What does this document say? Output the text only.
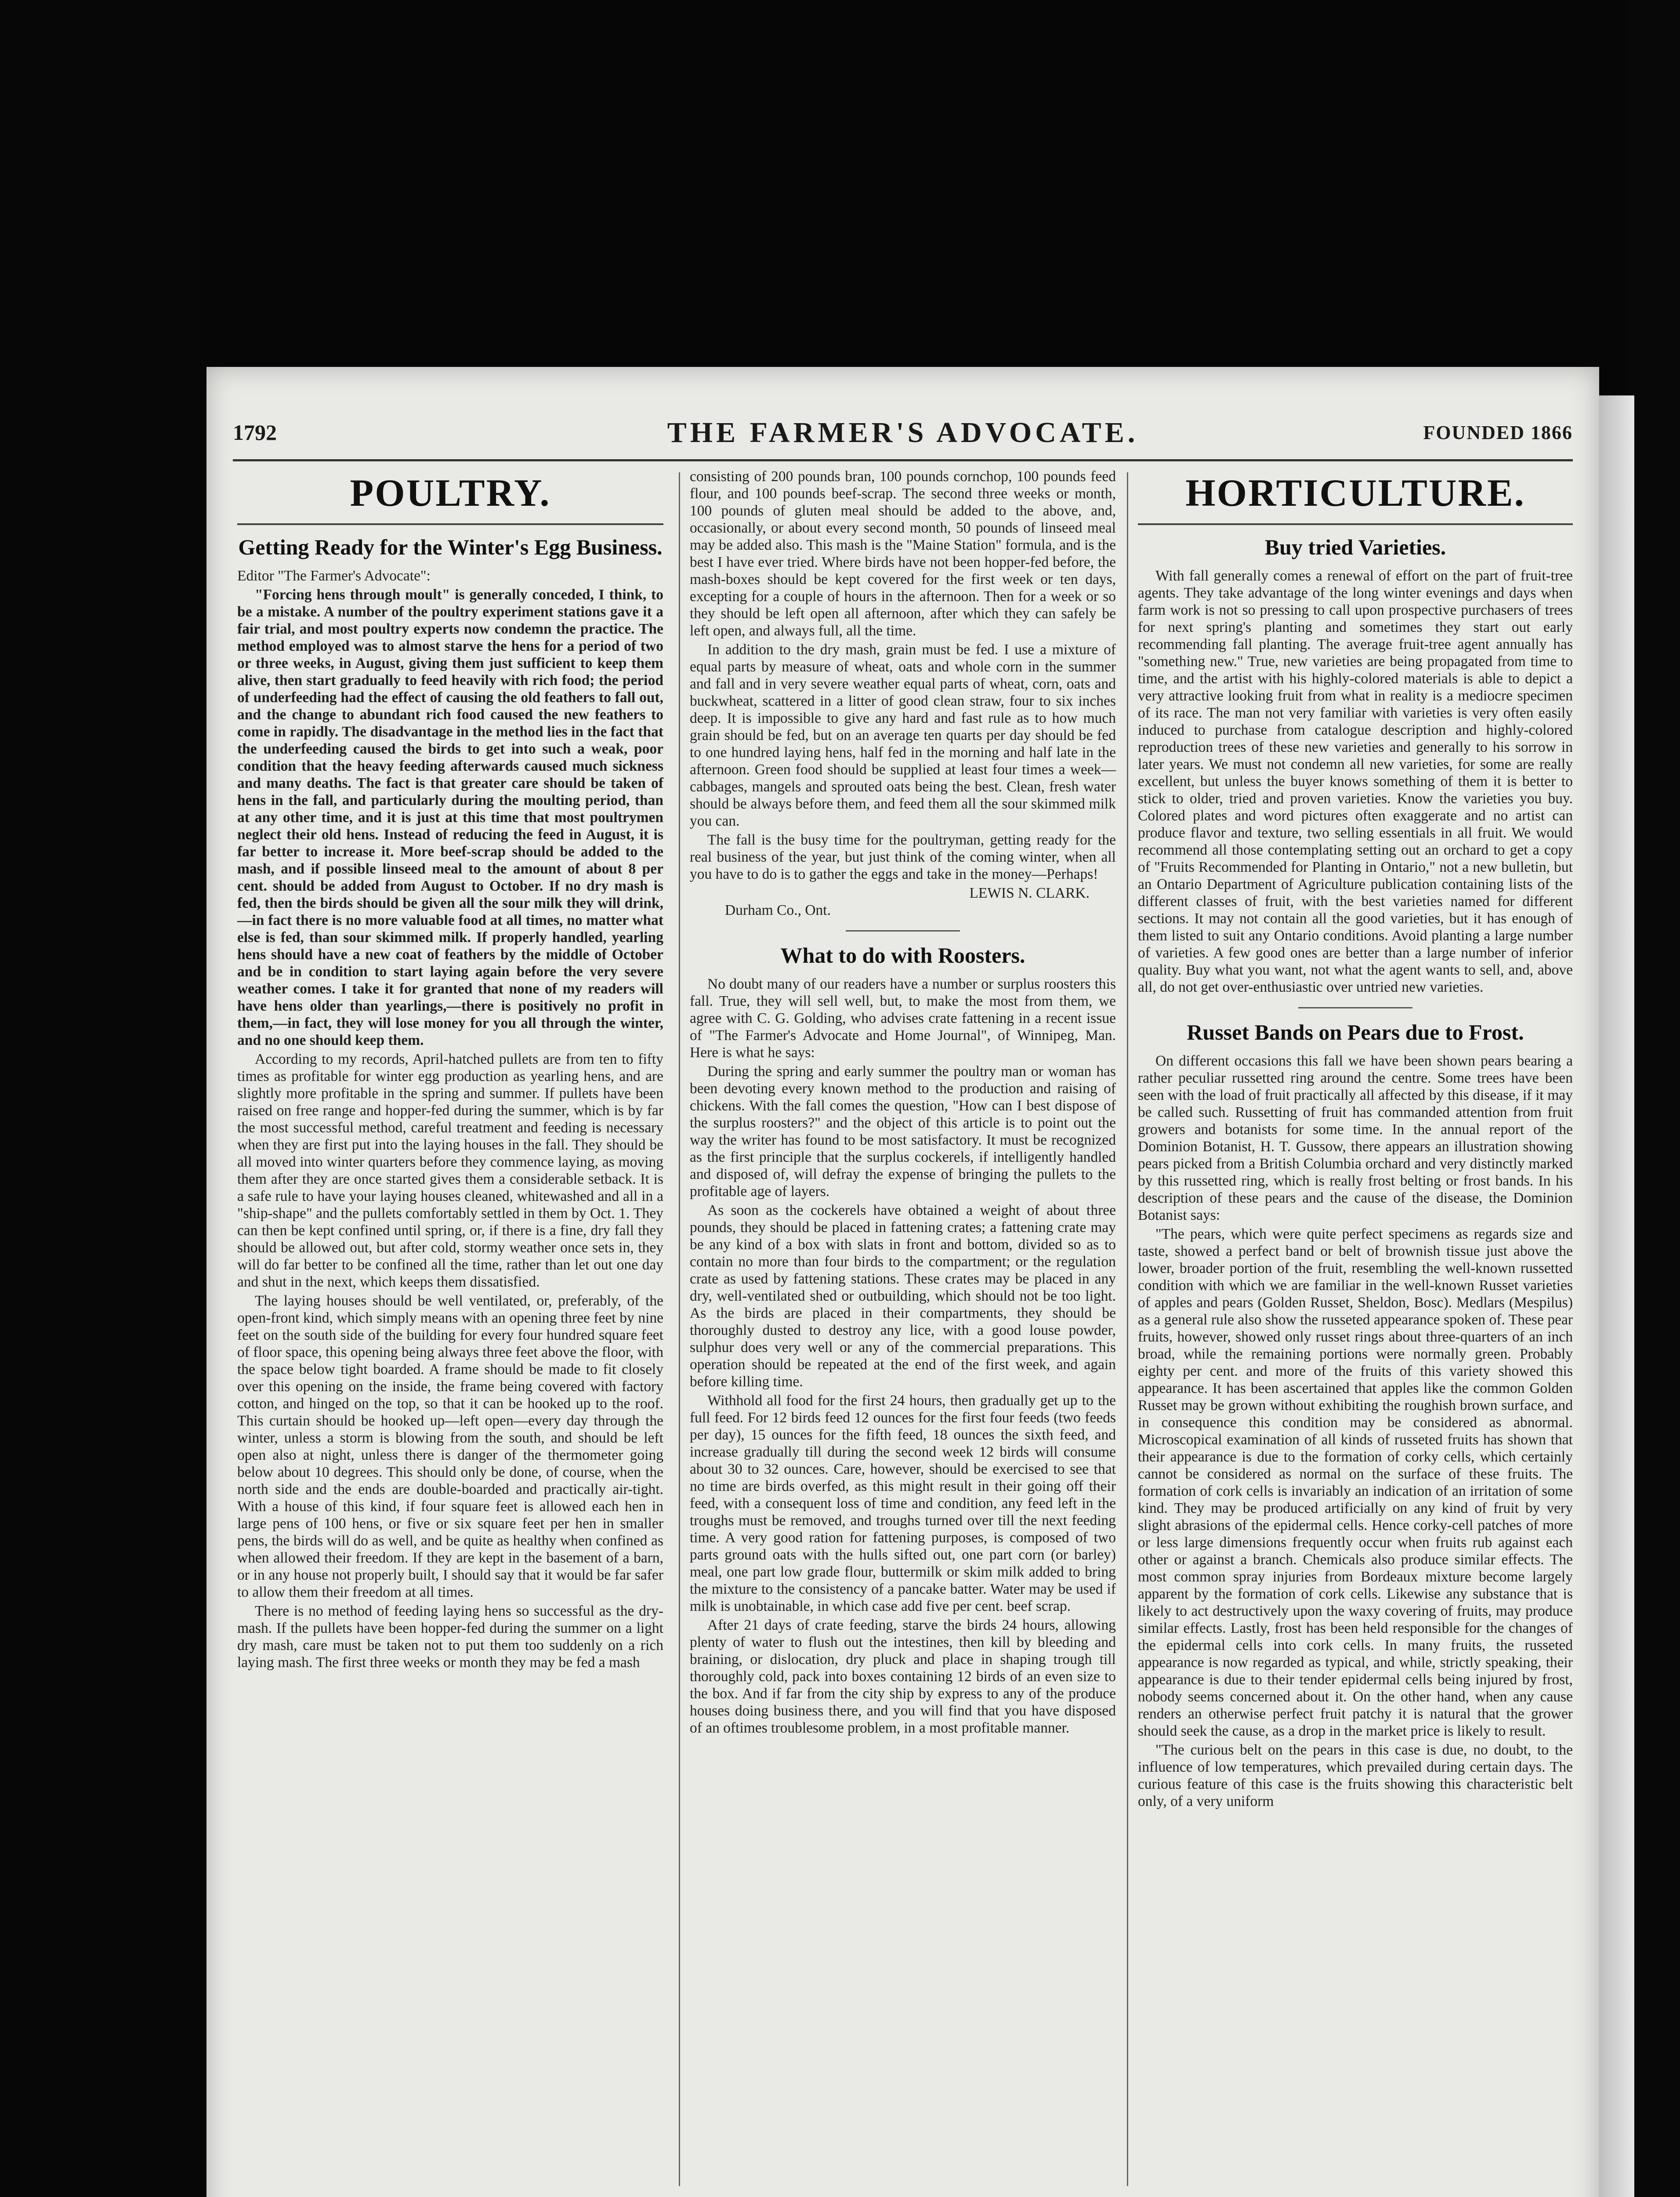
1792	THE FARMER'S ADVOCATE.	FOUNDED 1866
POULTRY.
Getting Ready for the Winter's Egg Business.

Editor "The Farmer's Advocate":

"Forcing hens through moult" is generally conceded, I think, to be a mistake. A number of the poultry experiment stations gave it a fair trial, and most poultry experts now condemn the practice. The method employed was to almost starve the hens for a period of two or three weeks, in August, giving them just sufficient to keep them alive, then start gradually to feed heavily with rich food; the period of underfeeding had the effect of causing the old feathers to fall out, and the change to abundant rich food caused the new feathers to come in rapidly. The disadvantage in the method lies in the fact that the underfeeding caused the birds to get into such a weak, poor condition that the heavy feeding afterwards caused much sickness and many deaths. The fact is that greater care should be taken of hens in the fall, and particularly during the moulting period, than at any other time, and it is just at this time that most poultrymen neglect their old hens. Instead of reducing the feed in August, it is far better to increase it. More beef-scrap should be added to the mash, and if possible linseed meal to the amount of about 8 per cent. should be added from August to October. If no dry mash is fed, then the birds should be given all the sour milk they will drink,—in fact there is no more valuable food at all times, no matter what else is fed, than sour skimmed milk. If properly handled, yearling hens should have a new coat of feathers by the middle of October and be in condition to start laying again before the very severe weather comes. I take it for granted that none of my readers will have hens older than yearlings,—there is positively no profit in them,—in fact, they will lose money for you all through the winter, and no one should keep them.

According to my records, April-hatched pullets are from ten to fifty times as profitable for winter egg production as yearling hens, and are slightly more profitable in the spring and summer. If pullets have been raised on free range and hopper-fed during the summer, which is by far the most successful method, careful treatment and feeding is necessary when they are first put into the laying houses in the fall. They should be all moved into winter quarters before they commence laying, as moving them after they are once started gives them a considerable setback. It is a safe rule to have your laying houses cleaned, whitewashed and all in a "ship-shape" and the pullets comfortably settled in them by Oct. 1. They can then be kept confined until spring, or, if there is a fine, dry fall they should be allowed out, but after cold, stormy weather once sets in, they will do far better to be confined all the time, rather than let out one day and shut in the next, which keeps them dissatisfied.

The laying houses should be well ventilated, or, preferably, of the open-front kind, which simply means with an opening three feet by nine feet on the south side of the building for every four hundred square feet of floor space, this opening being always three feet above the floor, with the space below tight boarded. A frame should be made to fit closely over this opening on the inside, the frame being covered with factory cotton, and hinged on the top, so that it can be hooked up to the roof. This curtain should be hooked up—left open—every day through the winter, unless a storm is blowing from the south, and should be left open also at night, unless there is danger of the thermometer going below about 10 degrees. This should only be done, of course, when the north side and the ends are double-boarded and practically air-tight. With a house of this kind, if four square feet is allowed each hen in large pens of 100 hens, or five or six square feet per hen in smaller pens, the birds will do as well, and be quite as healthy when confined as when allowed their freedom. If they are kept in the basement of a barn, or in any house not properly built, I should say that it would be far safer to allow them their freedom at all times.

There is no method of feeding laying hens so successful as the dry-mash. If the pullets have been hopper-fed during the summer on a light dry mash, care must be taken not to put them too suddenly on a rich laying mash. The first three weeks or month they may be fed a mash

consisting of 200 pounds bran, 100 pounds cornchop, 100 pounds feed flour, and 100 pounds beef-scrap. The second three weeks or month, 100 pounds of gluten meal should be added to the above, and, occasionally, or about every second month, 50 pounds of linseed meal may be added also. This mash is the "Maine Station" formula, and is the best I have ever tried. Where birds have not been hopper-fed before, the mash-boxes should be kept covered for the first week or ten days, excepting for a couple of hours in the afternoon. Then for a week or so they should be left open all afternoon, after which they can safely be left open, and always full, all the time.

In addition to the dry mash, grain must be fed. I use a mixture of equal parts by measure of wheat, oats and whole corn in the summer and fall and in very severe weather equal parts of wheat, corn, oats and buckwheat, scattered in a litter of good clean straw, four to six inches deep. It is impossible to give any hard and fast rule as to how much grain should be fed, but on an average ten quarts per day should be fed to one hundred laying hens, half fed in the morning and half late in the afternoon. Green food should be supplied at least four times a week—cabbages, mangels and sprouted oats being the best. Clean, fresh water should be always before them, and feed them all the sour skimmed milk you can.

The fall is the busy time for the poultryman, getting ready for the real business of the year, but just think of the coming winter, when all you have to do is to gather the eggs and take in the money—Perhaps!

LEWIS N. CLARK.

Durham Co., Ont.

What to do with Roosters.

No doubt many of our readers have a number or surplus roosters this fall. True, they will sell well, but, to make the most from them, we agree with C. G. Golding, who advises crate fattening in a recent issue of "The Farmer's Advocate and Home Journal", of Winnipeg, Man. Here is what he says:

During the spring and early summer the poultry man or woman has been devoting every known method to the production and raising of chickens. With the fall comes the question, "How can I best dispose of the surplus roosters?" and the object of this article is to point out the way the writer has found to be most satisfactory. It must be recognized as the first principle that the surplus cockerels, if intelligently handled and disposed of, will defray the expense of bringing the pullets to the profitable age of layers.

As soon as the cockerels have obtained a weight of about three pounds, they should be placed in fattening crates; a fattening crate may be any kind of a box with slats in front and bottom, divided so as to contain no more than four birds to the compartment; or the regulation crate as used by fattening stations. These crates may be placed in any dry, well-ventilated shed or outbuilding, which should not be too light. As the birds are placed in their compartments, they should be thoroughly dusted to destroy any lice, with a good louse powder, sulphur does very well or any of the commercial preparations. This operation should be repeated at the end of the first week, and again before killing time.

Withhold all food for the first 24 hours, then gradually get up to the full feed. For 12 birds feed 12 ounces for the first four feeds (two feeds per day), 15 ounces for the fifth feed, 18 ounces the sixth feed, and increase gradually till during the second week 12 birds will consume about 30 to 32 ounces. Care, however, should be exercised to see that no time are birds overfed, as this might result in their going off their feed, with a consequent loss of time and condition, any feed left in the troughs must be removed, and troughs turned over till the next feeding time. A very good ration for fattening purposes, is composed of two parts ground oats with the hulls sifted out, one part corn (or barley) meal, one part low grade flour, buttermilk or skim milk added to bring the mixture to the consistency of a pancake batter. Water may be used if milk is unobtainable, in which case add five per cent. beef scrap.

After 21 days of crate feeding, starve the birds 24 hours, allowing plenty of water to flush out the intestines, then kill by bleeding and braining, or dislocation, dry pluck and place in shaping trough till thoroughly cold, pack into boxes containing 12 birds of an even size to the box. And if far from the city ship by express to any of the produce houses doing business there, and you will find that you have disposed of an oftimes troublesome problem, in a most profitable manner.

HORTICULTURE.
Buy tried Varieties.

With fall generally comes a renewal of effort on the part of fruit-tree agents. They take advantage of the long winter evenings and days when farm work is not so pressing to call upon prospective purchasers of trees for next spring's planting and sometimes they start out early recommending fall planting. The average fruit-tree agent annually has "something new." True, new varieties are being propagated from time to time, and the artist with his highly-colored materials is able to depict a very attractive looking fruit from what in reality is a mediocre specimen of its race. The man not very familiar with varieties is very often easily induced to purchase from catalogue description and highly-colored reproduction trees of these new varieties and generally to his sorrow in later years. We must not condemn all new varieties, for some are really excellent, but unless the buyer knows something of them it is better to stick to older, tried and proven varieties. Know the varieties you buy. Colored plates and word pictures often exaggerate and no artist can produce flavor and texture, two selling essentials in all fruit. We would recommend all those contemplating setting out an orchard to get a copy of "Fruits Recommended for Planting in Ontario," not a new bulletin, but an Ontario Department of Agriculture publication containing lists of the different classes of fruit, with the best varieties named for different sections. It may not contain all the good varieties, but it has enough of them listed to suit any Ontario conditions. Avoid planting a large number of varieties. A few good ones are better than a large number of inferior quality. Buy what you want, not what the agent wants to sell, and, above all, do not get over-enthusiastic over untried new varieties.

Russet Bands on Pears due to Frost.

On different occasions this fall we have been shown pears bearing a rather peculiar russetted ring around the centre. Some trees have been seen with the load of fruit practically all affected by this disease, if it may be called such. Russetting of fruit has commanded attention from fruit growers and botanists for some time. In the annual report of the Dominion Botanist, H. T. Gussow, there appears an illustration showing pears picked from a British Columbia orchard and very distinctly marked by this russetted ring, which is really frost belting or frost bands. In his description of these pears and the cause of the disease, the Dominion Botanist says:

"The pears, which were quite perfect specimens as regards size and taste, showed a perfect band or belt of brownish tissue just above the lower, broader portion of the fruit, resembling the well-known russetted condition with which we are familiar in the well-known Russet varieties of apples and pears (Golden Russet, Sheldon, Bosc). Medlars (Mespilus) as a general rule also show the russeted appearance spoken of. These pear fruits, however, showed only russet rings about three-quarters of an inch broad, while the remaining portions were normally green. Probably eighty per cent. and more of the fruits of this variety showed this appearance. It has been ascertained that apples like the common Golden Russet may be grown without exhibiting the roughish brown surface, and in consequence this condition may be considered as abnormal. Microscopical examination of all kinds of russeted fruits has shown that their appearance is due to the formation of corky cells, which certainly cannot be considered as normal on the surface of these fruits. The formation of cork cells is invariably an indication of an irritation of some kind. They may be produced artificially on any kind of fruit by very slight abrasions of the epidermal cells. Hence corky-cell patches of more or less large dimensions frequently occur when fruits rub against each other or against a branch. Chemicals also produce similar effects. The most common spray injuries from Bordeaux mixture become largely apparent by the formation of cork cells. Likewise any substance that is likely to act destructively upon the waxy covering of fruits, may produce similar effects. Lastly, frost has been held responsible for the changes of the epidermal cells into cork cells. In many fruits, the russeted appearance is now regarded as typical, and while, strictly speaking, their appearance is due to their tender epidermal cells being injured by frost, nobody seems concerned about it. On the other hand, when any cause renders an otherwise perfect fruit patchy it is natural that the grower should seek the cause, as a drop in the market price is likely to result.

"The curious belt on the pears in this case is due, no doubt, to the influence of low temperatures, which prevailed during certain days. The curious feature of this case is the fruits showing this characteristic belt only, of a very uniform
